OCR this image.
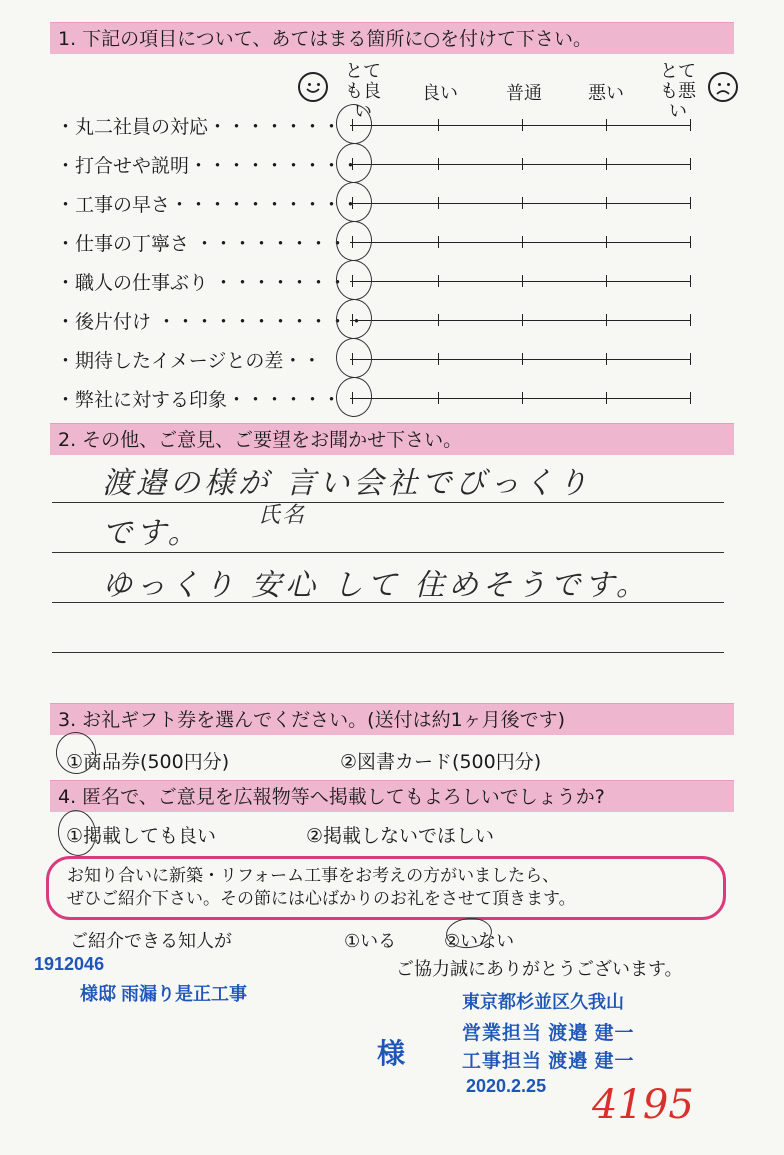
1. 下記の項目について、あてはまる箇所に○を付けて下さい。
とても良い
良い	普通	悪い
とても悪い
・丸二社員の対応・・・・・・・
・打合せや説明・・・・・・・・・
・工事の早さ・・・・・・・・・・
・仕事の丁寧さ ・・・・・・・・
・職人の仕事ぶり ・・・・・・・
・後片付け ・・・・・・・・・・・
・期待したイメージとの差・・
・弊社に対する印象・・・・・・
2. その他、ご意見、ご要望をお聞かせ下さい。
渡邉の様が 言い会社でびっくり
氏名
です。
ゆっくり 安心 して 住めそうです。
3. お礼ギフト券を選んでください。(送付は約1ヶ月後です)
①商品券(500円分)	②図書カード(500円分)
4. 匿名で、ご意見を広報物等へ掲載してもよろしいでしょうか?
①掲載しても良い	②掲載しないでほしい
お知り合いに新築・リフォーム工事をお考えの方がいましたら、
ぜひご紹介下さい。その節には心ばかりのお礼をさせて頂きます。
ご紹介できる知人が	①いる	②いない
ご協力誠にありがとうございます。
1912046
様邸 雨漏り是正工事
様
東京都杉並区久我山
営業担当 渡邉 建一
工事担当 渡邉 建一
2020.2.25 4195
